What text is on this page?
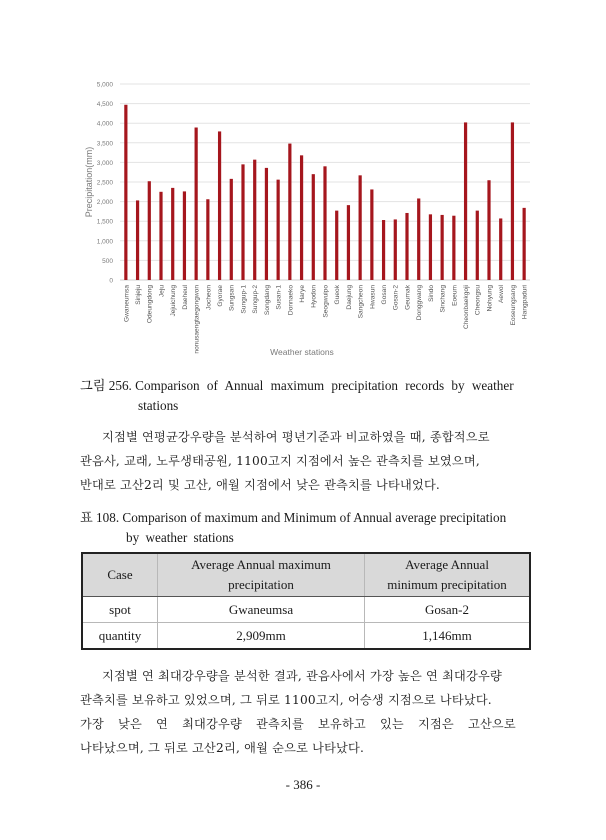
0
500
1,000
1,500
2,000
2,500
3,000
3,500
4,000
4,500
5,000
Gwaneumsa Sinjeju Odeungdong Jeju Jejuichung Daeheul nonusaengtaegongwon Jocheon Gyorae Sungsan Sungup-1 Sungup-2 Songdang Susan-1 Donnaeko Harye Hyodon Seogwuipo Gueok Daejung Sangcheon Hwasun Gosan Gosan-2 Geumak Donggwang Sindo Sinchang Eoeum Cheonbaekgoji Cheongsu Nohyung Aewol Eoseungsang Hangpaduri
Precipitation(mm)
Weather stations
그림 256. Comparison of Annual maximum precipitation records by weather
stations
지점별 연평균강우량을 분석하여 평년기준과 비교하였을 때, 종합적으로
관음사, 교래, 노루생태공원, 1100고지 지점에서 높은 관측치를 보였으며,
반대로 고산2리 및 고산, 애월 지점에서 낮은 관측치를 나타내었다.
표 108. Comparison of maximum and Minimum of Annual average precipitation
by weather stations
Case	Average Annual maximum precipitation	Average Annual minimum precipitation
spot	Gwaneumsa	Gosan-2
quantity	2,909mm	1,146mm
지점별 연 최대강우량을 분석한 결과, 관음사에서 가장 높은 연 최대강우량
관측치를 보유하고 있었으며, 그 뒤로 1100고지, 어승생 지점으로 나타났다.
가장 낮은 연 최대강우량 관측치를 보유하고 있는 지점은 고산으로
나타났으며, 그 뒤로 고산2리, 애월 순으로 나타났다.
- 386 -
